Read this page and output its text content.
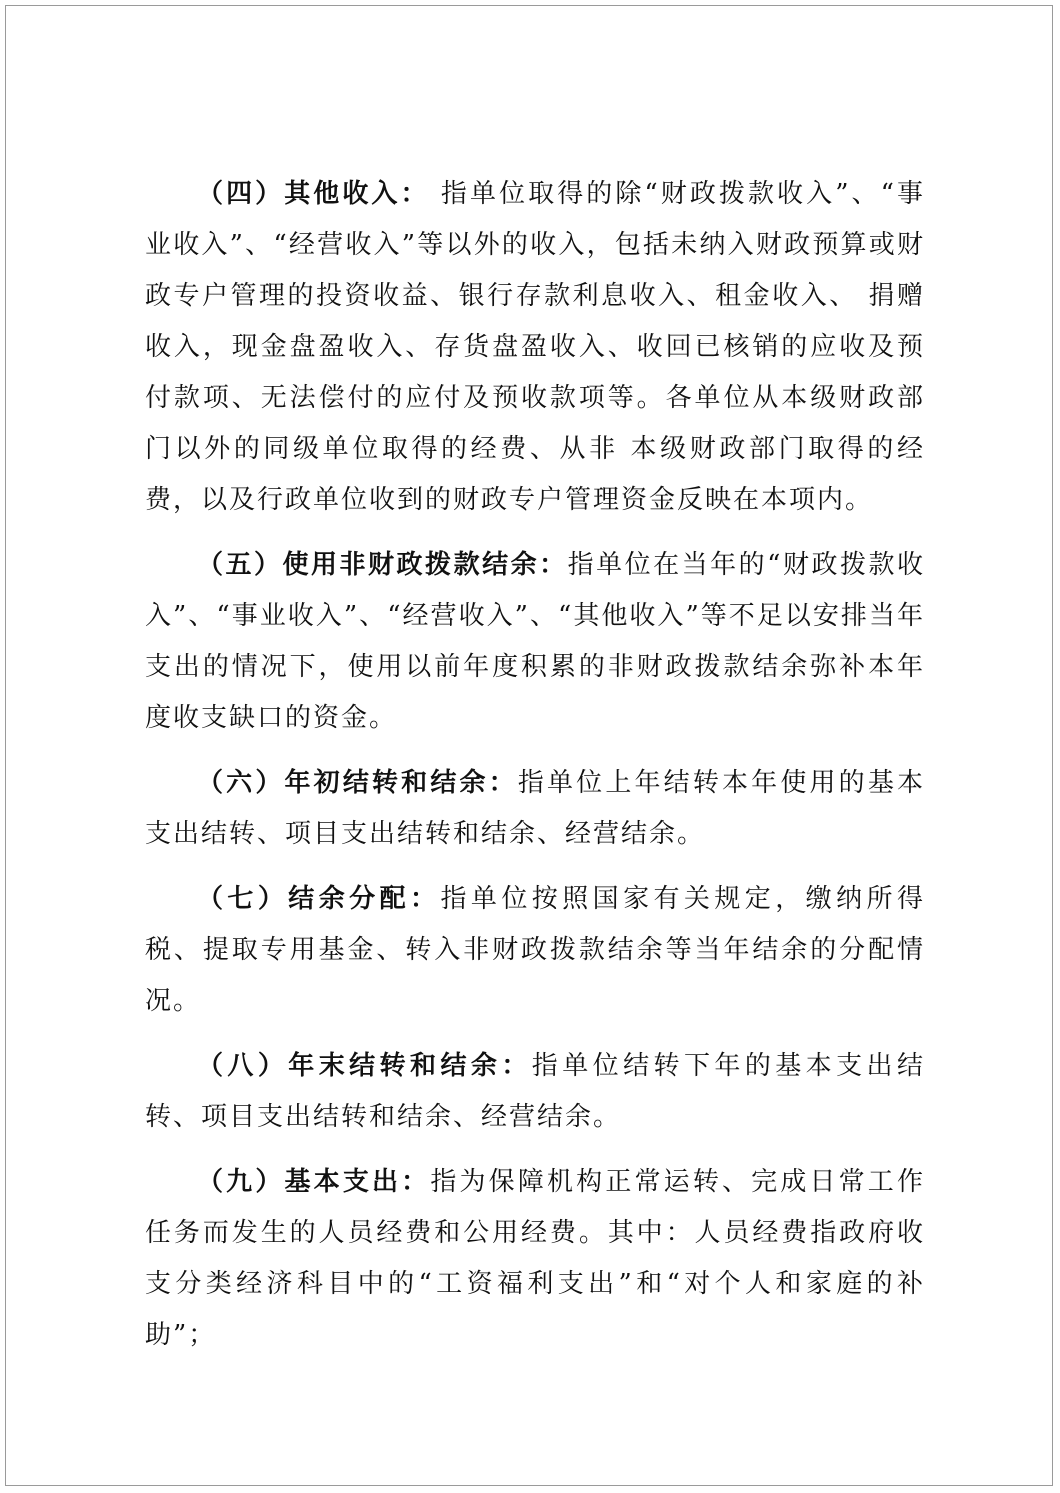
（四）其他收入： 指单位取得的除“财政拨款收入”、“事业收入”、“经营收入”等以外的收入，包括未纳入财政预算或财政专户管理的投资收益、银行存款利息收入、租金收入、 捐赠收入，现金盘盈收入、存货盘盈收入、收回已核销的应收及预付款项、无法偿付的应付及预收款项等。各单位从本级财政部门以外的同级单位取得的经费、从非 本级财政部门取得的经费，以及行政单位收到的财政专户管理资金反映在本项内。

（五）使用非财政拨款结余：指单位在当年的“财政拨款收入”、“事业收入”、“经营收入”、“其他收入”等不足以安排当年支出的情况下，使用以前年度积累的非财政拨款结余弥补本年度收支缺口的资金。

（六）年初结转和结余：指单位上年结转本年使用的基本支出结转、项目支出结转和结余、经营结余。

（七）结余分配：指单位按照国家有关规定，缴纳所得税、提取专用基金、转入非财政拨款结余等当年结余的分配情况。

（八）年末结转和结余：指单位结转下年的基本支出结转、项目支出结转和结余、经营结余。

（九）基本支出：指为保障机构正常运转、完成日常工作任务而发生的人员经费和公用经费。其中：人员经费指政府收支分类经济科目中的“工资福利支出”和“对个人和家庭的补助”；
